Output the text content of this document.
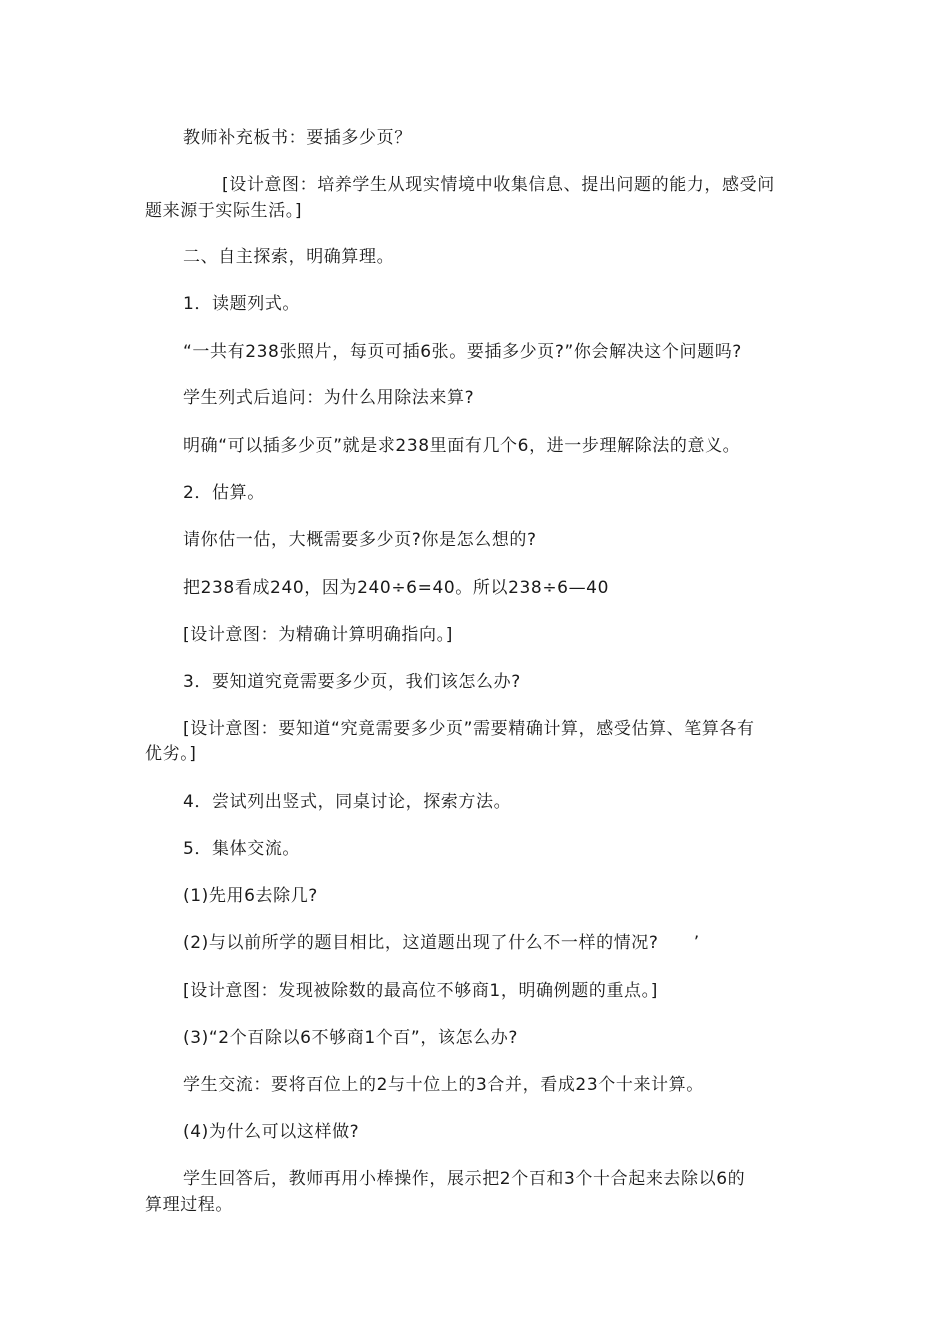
教师补充板书：要插多少页？
[设计意图：培养学生从现实情境中收集信息、提出问题的能力，感受问
题来源于实际生活。]
二、自主探索，明确算理。
1．读题列式。
“一共有238张照片，每页可插6张。要插多少页?”你会解决这个问题吗?
学生列式后追问：为什么用除法来算?
明确“可以插多少页”就是求238里面有几个6，进一步理解除法的意义。
2．估算。
请你估一估，大概需要多少页?你是怎么想的?
把238看成240，因为240÷6=40。所以238÷6—40
[设计意图：为精确计算明确指向。]
3．要知道究竟需要多少页，我们该怎么办?
[设计意图：要知道“究竟需要多少页”需要精确计算，感受估算、笔算各有
优劣。]
4．尝试列出竖式，同桌讨论，探索方法。
5．集体交流。
(1)先用6去除几?
(2)与以前所学的题目相比，这道题出现了什么不一样的情况?　　’
[设计意图：发现被除数的最高位不够商1，明确例题的重点。]
(3)“2个百除以6不够商1个百”，该怎么办?
学生交流：要将百位上的2与十位上的3合并，看成23个十来计算。
(4)为什么可以这样做?
学生回答后，教师再用小棒操作，展示把2个百和3个十合起来去除以6的
算理过程。
